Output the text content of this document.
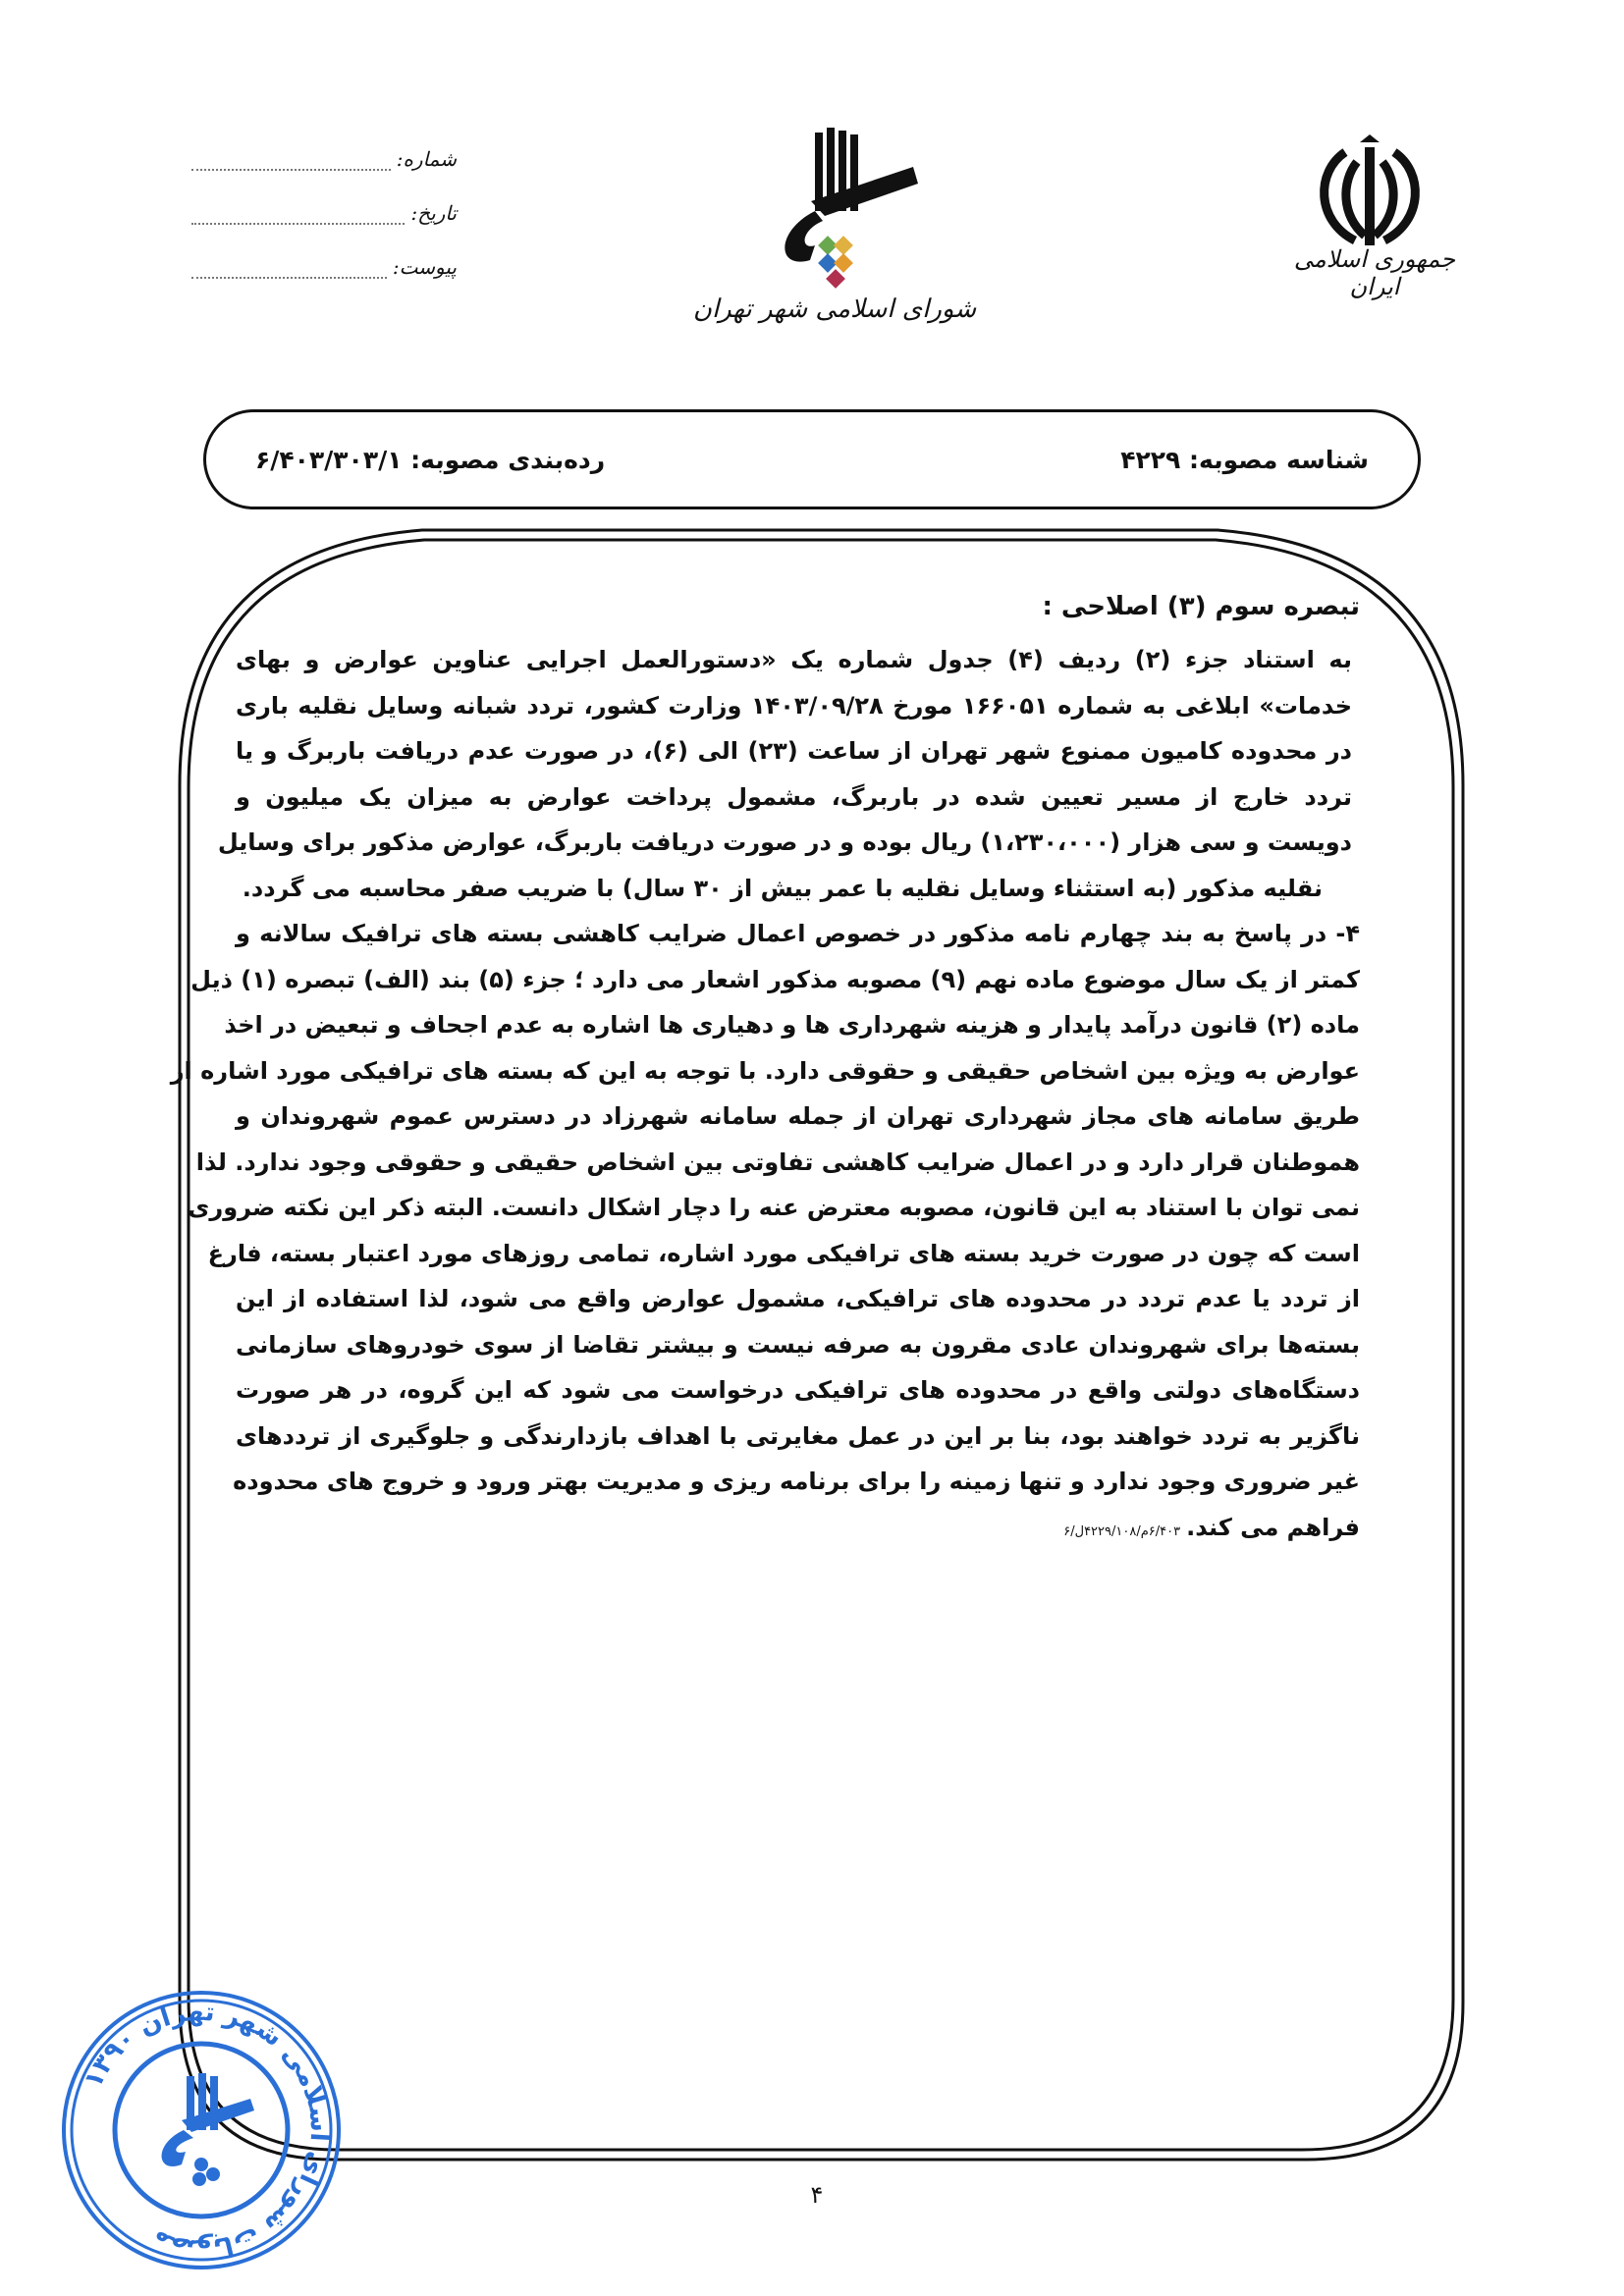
جمهوری اسلامی ایران
شورای اسلامی شهر تهران
شماره:
تاریخ:
پیوست:
شناسه مصوبه: ۴۲۲۹
رده‌بندی مصوبه: ۶/۴۰۳/۳۰۳/۱
تبصره سوم (۳) اصلاحی :
به استناد جزء (۲) ردیف (۴) جدول شماره یک «دستورالعمل اجرایی عناوین عوارض و بهای
خدمات» ابلاغی به شماره ۱۶۶۰۵۱ مورخ ۱۴۰۳/۰۹/۲۸ وزارت کشور، تردد شبانه وسایل نقلیه باری
در محدوده کامیون ممنوع شهر تهران از ساعت (۲۳) الی (۶)، در صورت عدم دریافت باربرگ و یا
تردد خارج از مسیر تعیین شده در باربرگ، مشمول پرداخت عوارض به میزان یک میلیون و
دویست و سی هزار (۱،۲۳۰،۰۰۰) ریال بوده و در صورت دریافت باربرگ، عوارض مذکور برای وسایل
نقلیه مذکور (به استثناء وسایل نقلیه با عمر بیش از ۳۰ سال) با ضریب صفر محاسبه می گردد.
۴- در پاسخ به بند چهارم نامه مذکور در خصوص اعمال ضرایب کاهشی بسته های ترافیک سالانه و
کمتر از یک سال موضوع ماده نهم (۹) مصوبه مذکور اشعار می دارد ؛ جزء (۵) بند (الف) تبصره (۱) ذیل
ماده (۲) قانون درآمد پایدار و هزینه شهرداری ها و دهیاری ها اشاره به عدم اجحاف و تبعیض در اخذ
عوارض به ویژه بین اشخاص حقیقی و حقوقی دارد. با توجه به این که بسته های ترافیکی مورد اشاره از
طریق سامانه های مجاز شهرداری تهران از جمله سامانه شهرزاد در دسترس عموم شهروندان و
هموطنان قرار دارد و در اعمال ضرایب کاهشی تفاوتی بین اشخاص حقیقی و حقوقی وجود ندارد. لذا
نمی توان با استناد به این قانون، مصوبه معترض عنه را دچار اشکال دانست. البته ذکر این نکته ضروری
است که چون در صورت خرید بسته های ترافیکی مورد اشاره، تمامی روزهای مورد اعتبار بسته، فارغ
از تردد یا عدم تردد در محدوده های ترافیکی، مشمول عوارض واقع می شود، لذا استفاده از این
بسته‌ها برای شهروندان عادی مقرون به صرفه نیست و بیشتر تقاضا از سوی خودروهای سازمانی
دستگاه‌های دولتی واقع در محدوده های ترافیکی درخواست می شود که این گروه، در هر صورت
ناگزیر به تردد خواهند بود، بنا بر این در عمل مغایرتی با اهداف بازدارندگی و جلوگیری از ترددهای
غیر ضروری وجود ندارد و تنها زمینه را برای برنامه ریزی و مدیریت بهتر ورود و خروج های محدوده
فراهم می کند.۶/۴۰۳م/۴۲۲۹/۱۰۸ل/۶
۴
مصوبات شورای اسلامی شهر تهران ۱۳۹۰
